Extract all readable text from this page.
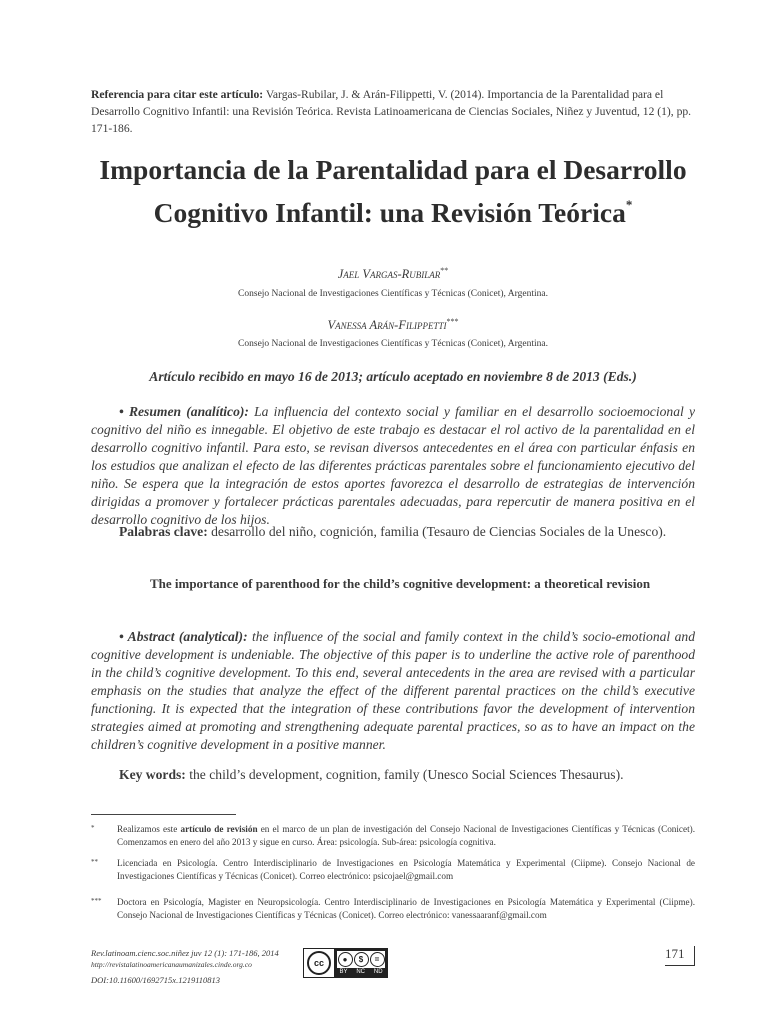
Referencia para citar este artículo: Vargas-Rubilar, J. & Arán-Filippetti, V. (2014). Importancia de la Parentalidad para el Desarrollo Cognitivo Infantil: una Revisión Teórica. Revista Latinoamericana de Ciencias Sociales, Niñez y Juventud, 12 (1), pp. 171-186.
Importancia de la Parentalidad para el Desarrollo Cognitivo Infantil: una Revisión Teórica*
Jael Vargas-Rubilar**
Consejo Nacional de Investigaciones Científicas y Técnicas (Conicet), Argentina.
Vanessa Arán-Filippetti***
Consejo Nacional de Investigaciones Científicas y Técnicas (Conicet), Argentina.
Artículo recibido en mayo 16 de 2013; artículo aceptado en noviembre 8 de 2013 (Eds.)
• Resumen (analítico): La influencia del contexto social y familiar en el desarrollo socioemocional y cognitivo del niño es innegable. El objetivo de este trabajo es destacar el rol activo de la parentalidad en el desarrollo cognitivo infantil. Para esto, se revisan diversos antecedentes en el área con particular énfasis en los estudios que analizan el efecto de las diferentes prácticas parentales sobre el funcionamiento ejecutivo del niño. Se espera que la integración de estos aportes favorezca el desarrollo de estrategias de intervención dirigidas a promover y fortalecer prácticas parentales adecuadas, para repercutir de manera positiva en el desarrollo cognitivo de los hijos.
Palabras clave: desarrollo del niño, cognición, familia (Tesauro de Ciencias Sociales de la Unesco).
The importance of parenthood for the child’s cognitive development: a theoretical revision
• Abstract (analytical): the influence of the social and family context in the child’s socio-emotional and cognitive development is undeniable. The objective of this paper is to underline the active role of parenthood in the child’s cognitive development. To this end, several antecedents in the area are revised with a particular emphasis on the studies that analyze the effect of the different parental practices on the child’s executive functioning. It is expected that the integration of these contributions favor the development of intervention strategies aimed at promoting and strengthening adequate parental practices, so as to have an impact on the children’s cognitive development in a positive manner.
Key words: the child’s development, cognition, family (Unesco Social Sciences Thesaurus).
*	Realizamos este artículo de revisión en el marco de un plan de investigación del Consejo Nacional de Investigaciones Científicas y Técnicas (Conicet). Comenzamos en enero del año 2013 y sigue en curso. Área: psicología. Sub-área: psicología cognitiva.
**	Licenciada en Psicología. Centro Interdisciplinario de Investigaciones en Psicología Matemática y Experimental (Ciipme). Consejo Nacional de Investigaciones Científicas y Técnicas (Conicet). Correo electrónico: psicojael@gmail.com
***	Doctora en Psicología, Magister en Neuropsicología. Centro Interdisciplinario de Investigaciones en Psicología Matemática y Experimental (Ciipme). Consejo Nacional de Investigaciones Científicas y Técnicas (Conicet). Correo electrónico: vanessaaranf@gmail.com
Rev.latinoam.cienc.soc.niñez juv 12 (1): 171-186, 2014
http://revistalatinoamericanaumanizales.cinde.org.co
DOI:10.11600/1692715x.1219110813
cc	●	$	=
BY NC ND
171
